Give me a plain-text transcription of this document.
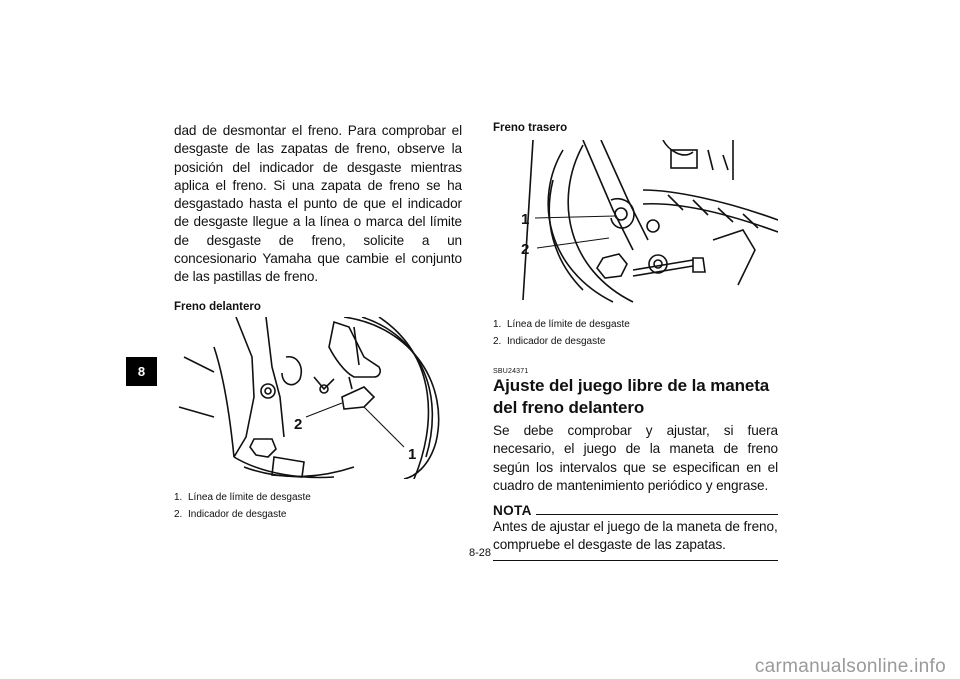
8

dad de desmontar el freno. Para comprobar el desgaste de las zapatas de freno, observe la posición del indicador de desgaste mientras aplica el freno. Si una zapata de freno se ha desgastado hasta el punto de que el indicador de desgaste llegue a la línea o marca del límite de desgaste de freno, solicite a un concesionario Yamaha que cambie el conjunto de las pastillas de freno.

Freno delantero

2
1
1. Línea de límite de desgaste
2. Indicador de desgaste

Freno trasero

1
2
1. Línea de límite de desgaste
2. Indicador de desgaste

SBU24371

Ajuste del juego libre de la maneta del freno delantero

Se debe comprobar y ajustar, si fuera necesario, el juego de la maneta de freno según los intervalos que se especifican en el cuadro de mantenimiento periódico y engrase.

NOTA

Antes de ajustar el juego de la maneta de freno, compruebe el desgaste de las zapatas.

8-28
carmanualsonline.info
